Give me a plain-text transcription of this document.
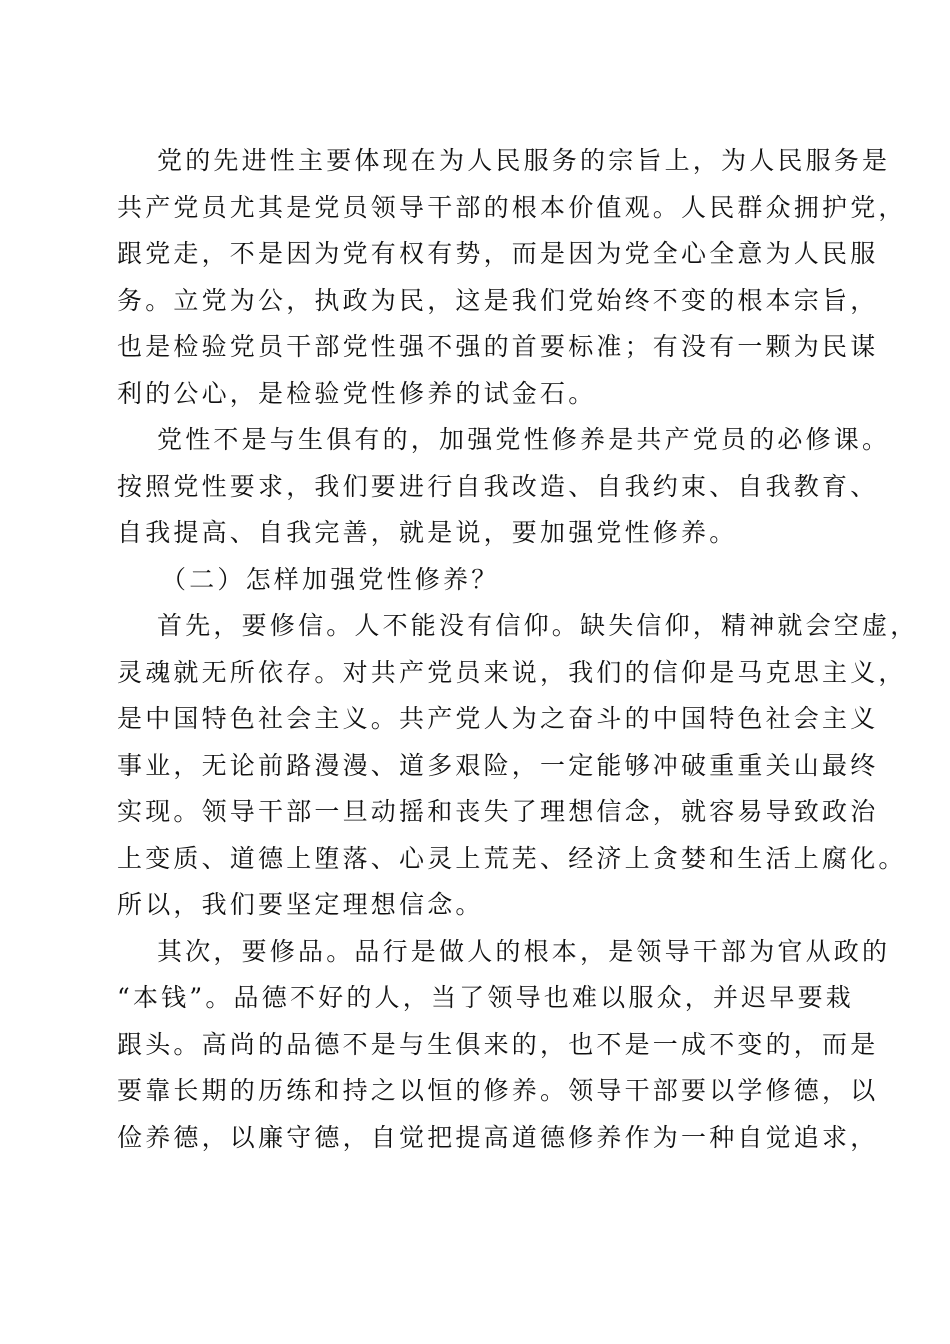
党的先进性主要体现在为人民服务的宗旨上，为人民服务是
共产党员尤其是党员领导干部的根本价值观。人民群众拥护党，
跟党走，不是因为党有权有势，而是因为党全心全意为人民服
务。立党为公，执政为民，这是我们党始终不变的根本宗旨，
也是检验党员干部党性强不强的首要标准；有没有一颗为民谋
利的公心，是检验党性修养的试金石。
党性不是与生俱有的，加强党性修养是共产党员的必修课。
按照党性要求，我们要进行自我改造、自我约束、自我教育、
自我提高、自我完善，就是说，要加强党性修养。
（二）怎样加强党性修养？
首先，要修信。人不能没有信仰。缺失信仰，精神就会空虚，
灵魂就无所依存。对共产党员来说，我们的信仰是马克思主义，
是中国特色社会主义。共产党人为之奋斗的中国特色社会主义
事业，无论前路漫漫、道多艰险，一定能够冲破重重关山最终
实现。领导干部一旦动摇和丧失了理想信念，就容易导致政治
上变质、道德上堕落、心灵上荒芜、经济上贪婪和生活上腐化。
所以，我们要坚定理想信念。
其次，要修品。品行是做人的根本，是领导干部为官从政的
“本钱”。品德不好的人，当了领导也难以服众，并迟早要栽
跟头。高尚的品德不是与生俱来的，也不是一成不变的，而是
要靠长期的历练和持之以恒的修养。领导干部要以学修德，以
俭养德，以廉守德，自觉把提高道德修养作为一种自觉追求，
